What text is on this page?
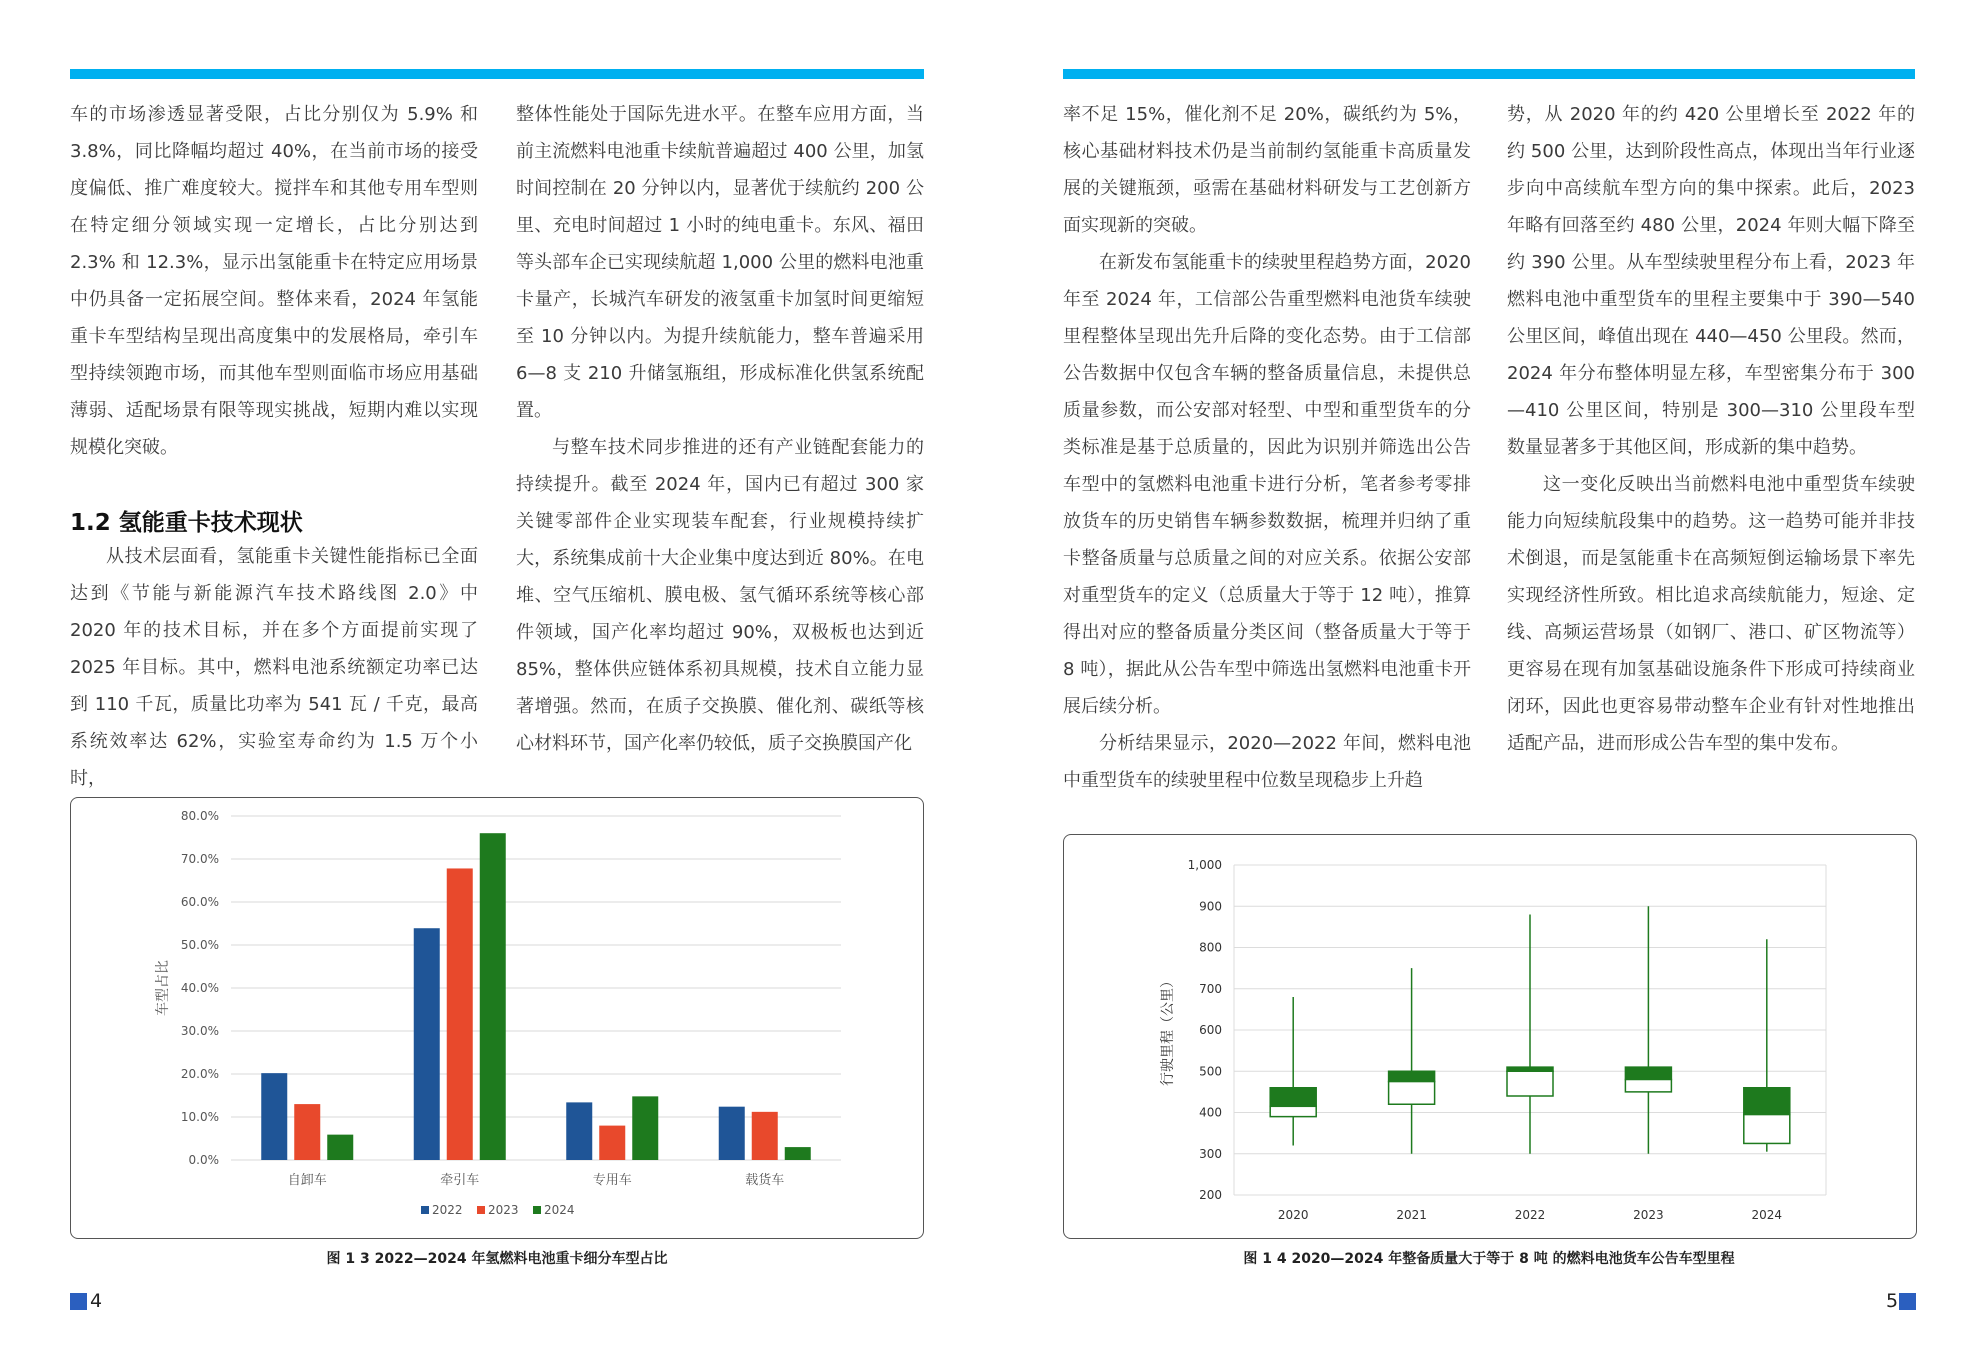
车的市场渗透显著受限，占比分别仅为 5.9% 和 3.8%，同比降幅均超过 40%，在当前市场的接受度偏低、推广难度较大。搅拌车和其他专用车型则在特定细分领域实现一定增长，占比分别达到 2.3% 和 12.3%，显示出氢能重卡在特定应用场景中仍具备一定拓展空间。整体来看，2024 年氢能重卡车型结构呈现出高度集中的发展格局，牵引车型持续领跑市场，而其他车型则面临市场应用基础薄弱、适配场景有限等现实挑战，短期内难以实现规模化突破。

1.2 氢能重卡技术现状

从技术层面看，氢能重卡关键性能指标已全面达到《节能与新能源汽车技术路线图 2.0》中 2020 年的技术目标，并在多个方面提前实现了 2025 年目标。其中，燃料电池系统额定功率已达到 110 千瓦，质量比功率为 541 瓦 / 千克，最高系统效率达 62%，实验室寿命约为 1.5 万个小时，

整体性能处于国际先进水平。在整车应用方面，当前主流燃料电池重卡续航普遍超过 400 公里，加氢时间控制在 20 分钟以内，显著优于续航约 200 公里、充电时间超过 1 小时的纯电重卡。东风、福田等头部车企已实现续航超 1,000 公里的燃料电池重卡量产，长城汽车研发的液氢重卡加氢时间更缩短至 10 分钟以内。为提升续航能力，整车普遍采用 6—8 支 210 升储氢瓶组，形成标准化供氢系统配置。

与整车技术同步推进的还有产业链配套能力的持续提升。截至 2024 年，国内已有超过 300 家关键零部件企业实现装车配套，行业规模持续扩大，系统集成前十大企业集中度达到近 80%。在电堆、空气压缩机、膜电极、氢气循环系统等核心部件领域，国产化率均超过 90%，双极板也达到近 85%，整体供应链体系初具规模，技术自立能力显著增强。然而，在质子交换膜、催化剂、碳纸等核心材料环节，国产化率仍较低，质子交换膜国产化

率不足 15%，催化剂不足 20%，碳纸约为 5%，核心基础材料技术仍是当前制约氢能重卡高质量发展的关键瓶颈，亟需在基础材料研发与工艺创新方面实现新的突破。

在新发布氢能重卡的续驶里程趋势方面，2020 年至 2024 年，工信部公告重型燃料电池货车续驶里程整体呈现出先升后降的变化态势。由于工信部公告数据中仅包含车辆的整备质量信息，未提供总质量参数，而公安部对轻型、中型和重型货车的分类标准是基于总质量的，因此为识别并筛选出公告车型中的氢燃料电池重卡进行分析，笔者参考零排放货车的历史销售车辆参数数据，梳理并归纳了重卡整备质量与总质量之间的对应关系。依据公安部对重型货车的定义（总质量大于等于 12 吨），推算得出对应的整备质量分类区间（整备质量大于等于 8 吨），据此从公告车型中筛选出氢燃料电池重卡开展后续分析。

分析结果显示，2020—2022 年间，燃料电池中重型货车的续驶里程中位数呈现稳步上升趋

势，从 2020 年的约 420 公里增长至 2022 年的约 500 公里，达到阶段性高点，体现出当年行业逐步向中高续航车型方向的集中探索。此后，2023 年略有回落至约 480 公里，2024 年则大幅下降至约 390 公里。从车型续驶里程分布上看，2023 年燃料电池中重型货车的里程主要集中于 390—540 公里区间，峰值出现在 440—450 公里段。然而，2024 年分布整体明显左移，车型密集分布于 300—410 公里区间，特别是 300—310 公里段车型数量显著多于其他区间，形成新的集中趋势。

这一变化反映出当前燃料电池中重型货车续驶能力向短续航段集中的趋势。这一趋势可能并非技术倒退，而是氢能重卡在高频短倒运输场景下率先实现经济性所致。相比追求高续航能力，短途、定线、高频运营场景（如钢厂、港口、矿区物流等）更容易在现有加氢基础设施条件下形成可持续商业闭环，因此也更容易带动整车企业有针对性地推出适配产品，进而形成公告车型的集中发布。

0.0%
10.0%
20.0%
30.0%
40.0%
50.0%
60.0%
70.0%
80.0%
车型占比
自卸车	牵引车	专用车	载货车
2022 2023 2024
图 1 3 2022—2024 年氢燃料电池重卡细分车型占比
200
300
400
500
600
700
800
900
1,000
行驶里程（公里）
2020	2021	2022	2023	2024
图 1 4 2020—2024 年整备质量大于等于 8 吨 的燃料电池货车公告车型里程
4	5
